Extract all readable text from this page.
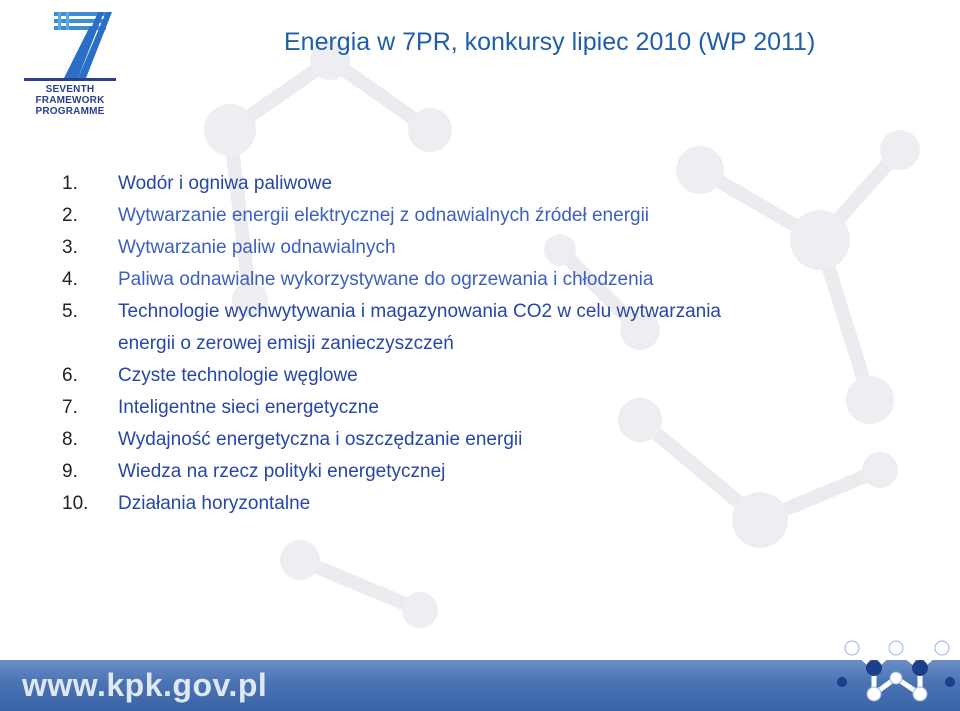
SEVENTH FRAMEWORK
PROGRAMME
Energia w 7PR, konkursy lipiec 2010 (WP 2011)
1.	Wodór i ogniwa paliwowe
2.	Wytwarzanie energii elektrycznej z odnawialnych źródeł energii
3.	Wytwarzanie paliw odnawialnych
4.	Paliwa odnawialne wykorzystywane do ogrzewania i chłodzenia
5.	Technologie wychwytywania i magazynowania CO2 w celu wytwarzania
energii o zerowej emisji zanieczyszczeń
6.	Czyste technologie węglowe
7.	Inteligentne sieci energetyczne
8.	Wydajność energetyczna i oszczędzanie energii
9.	Wiedza na rzecz polityki energetycznej
10.	Działania horyzontalne
www.kpk.gov.pl
